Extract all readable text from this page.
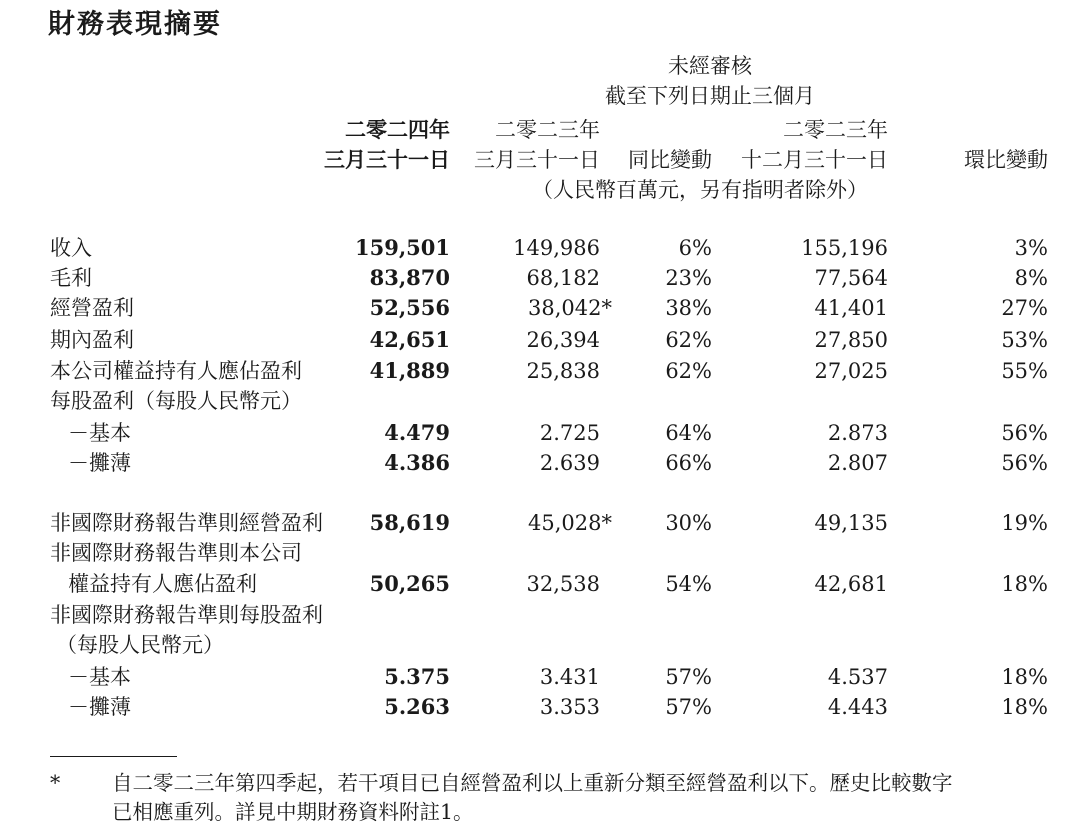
財務表現摘要
未經審核
截至下列日期止三個月
二零二四年
三月三十一日
二零二三年
三月三十一日	同比變動
二零二三年
十二月三十一日	環比變動
（人民幣百萬元，另有指明者除外）
收入	159,501	149,986	6%	155,196	3%
毛利	83,870	68,182	23%	77,564	8%
經營盈利	52,556	38,042*	38%	41,401	27%
期內盈利	42,651	26,394	62%	27,850	53%
本公司權益持有人應佔盈利	41,889	25,838	62%	27,025	55%
每股盈利（每股人民幣元）
－基本	4.479	2.725	64%	2.873	56%
－攤薄	4.386	2.639	66%	2.807	56%
非國際財務報告準則經營盈利	58,619	45,028*	30%	49,135	19%
非國際財務報告準則本公司
權益持有人應佔盈利	50,265	32,538	54%	42,681	18%
非國際財務報告準則每股盈利
（每股人民幣元）
－基本	5.375	3.431	57%	4.537	18%
－攤薄	5.263	3.353	57%	4.443	18%
*	自二零二三年第四季起，若干項目已自經營盈利以上重新分類至經營盈利以下。歷史比較數字
已相應重列。詳見中期財務資料附註1。
